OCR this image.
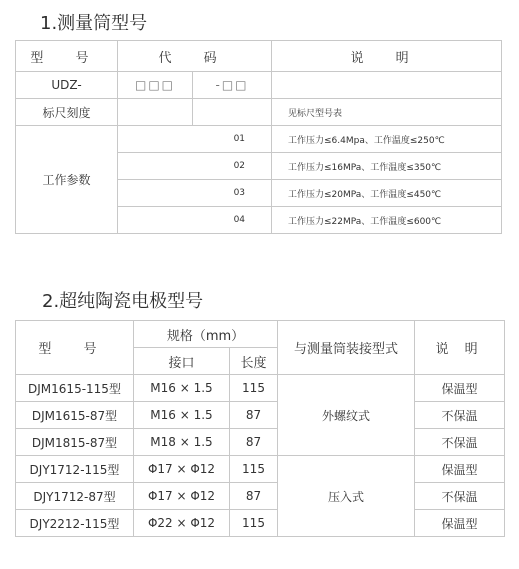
1.测量筒型号
型 号	代 码		说 明
UDZ-	□□□	-□□	
标尺刻度			见标尺型号表
工作参数	01		工作压力≤6.4Mpa、工作温度≤250℃
	02		工作压力≤16MPa、工作温度≤350℃
	03		工作压力≤20MPa、工作温度≤450℃
	04		工作压力≤22MPa、工作温度≤600℃
2.超纯陶瓷电极型号
型 号	规格（mm）		与测量筒装接型式	说 明
	接口	长度		
DJM1615-115型	M16 × 1.5	115	外螺纹式	保温型
DJM1615-87型	M16 × 1.5	87		不保温
DJM1815-87型	M18 × 1.5	87		不保温
DJY1712-115型	Φ17 × Φ12	115	压入式	保温型
DJY1712-87型	Φ17 × Φ12	87		不保温
DJY2212-115型	Φ22 × Φ12	115		保温型
